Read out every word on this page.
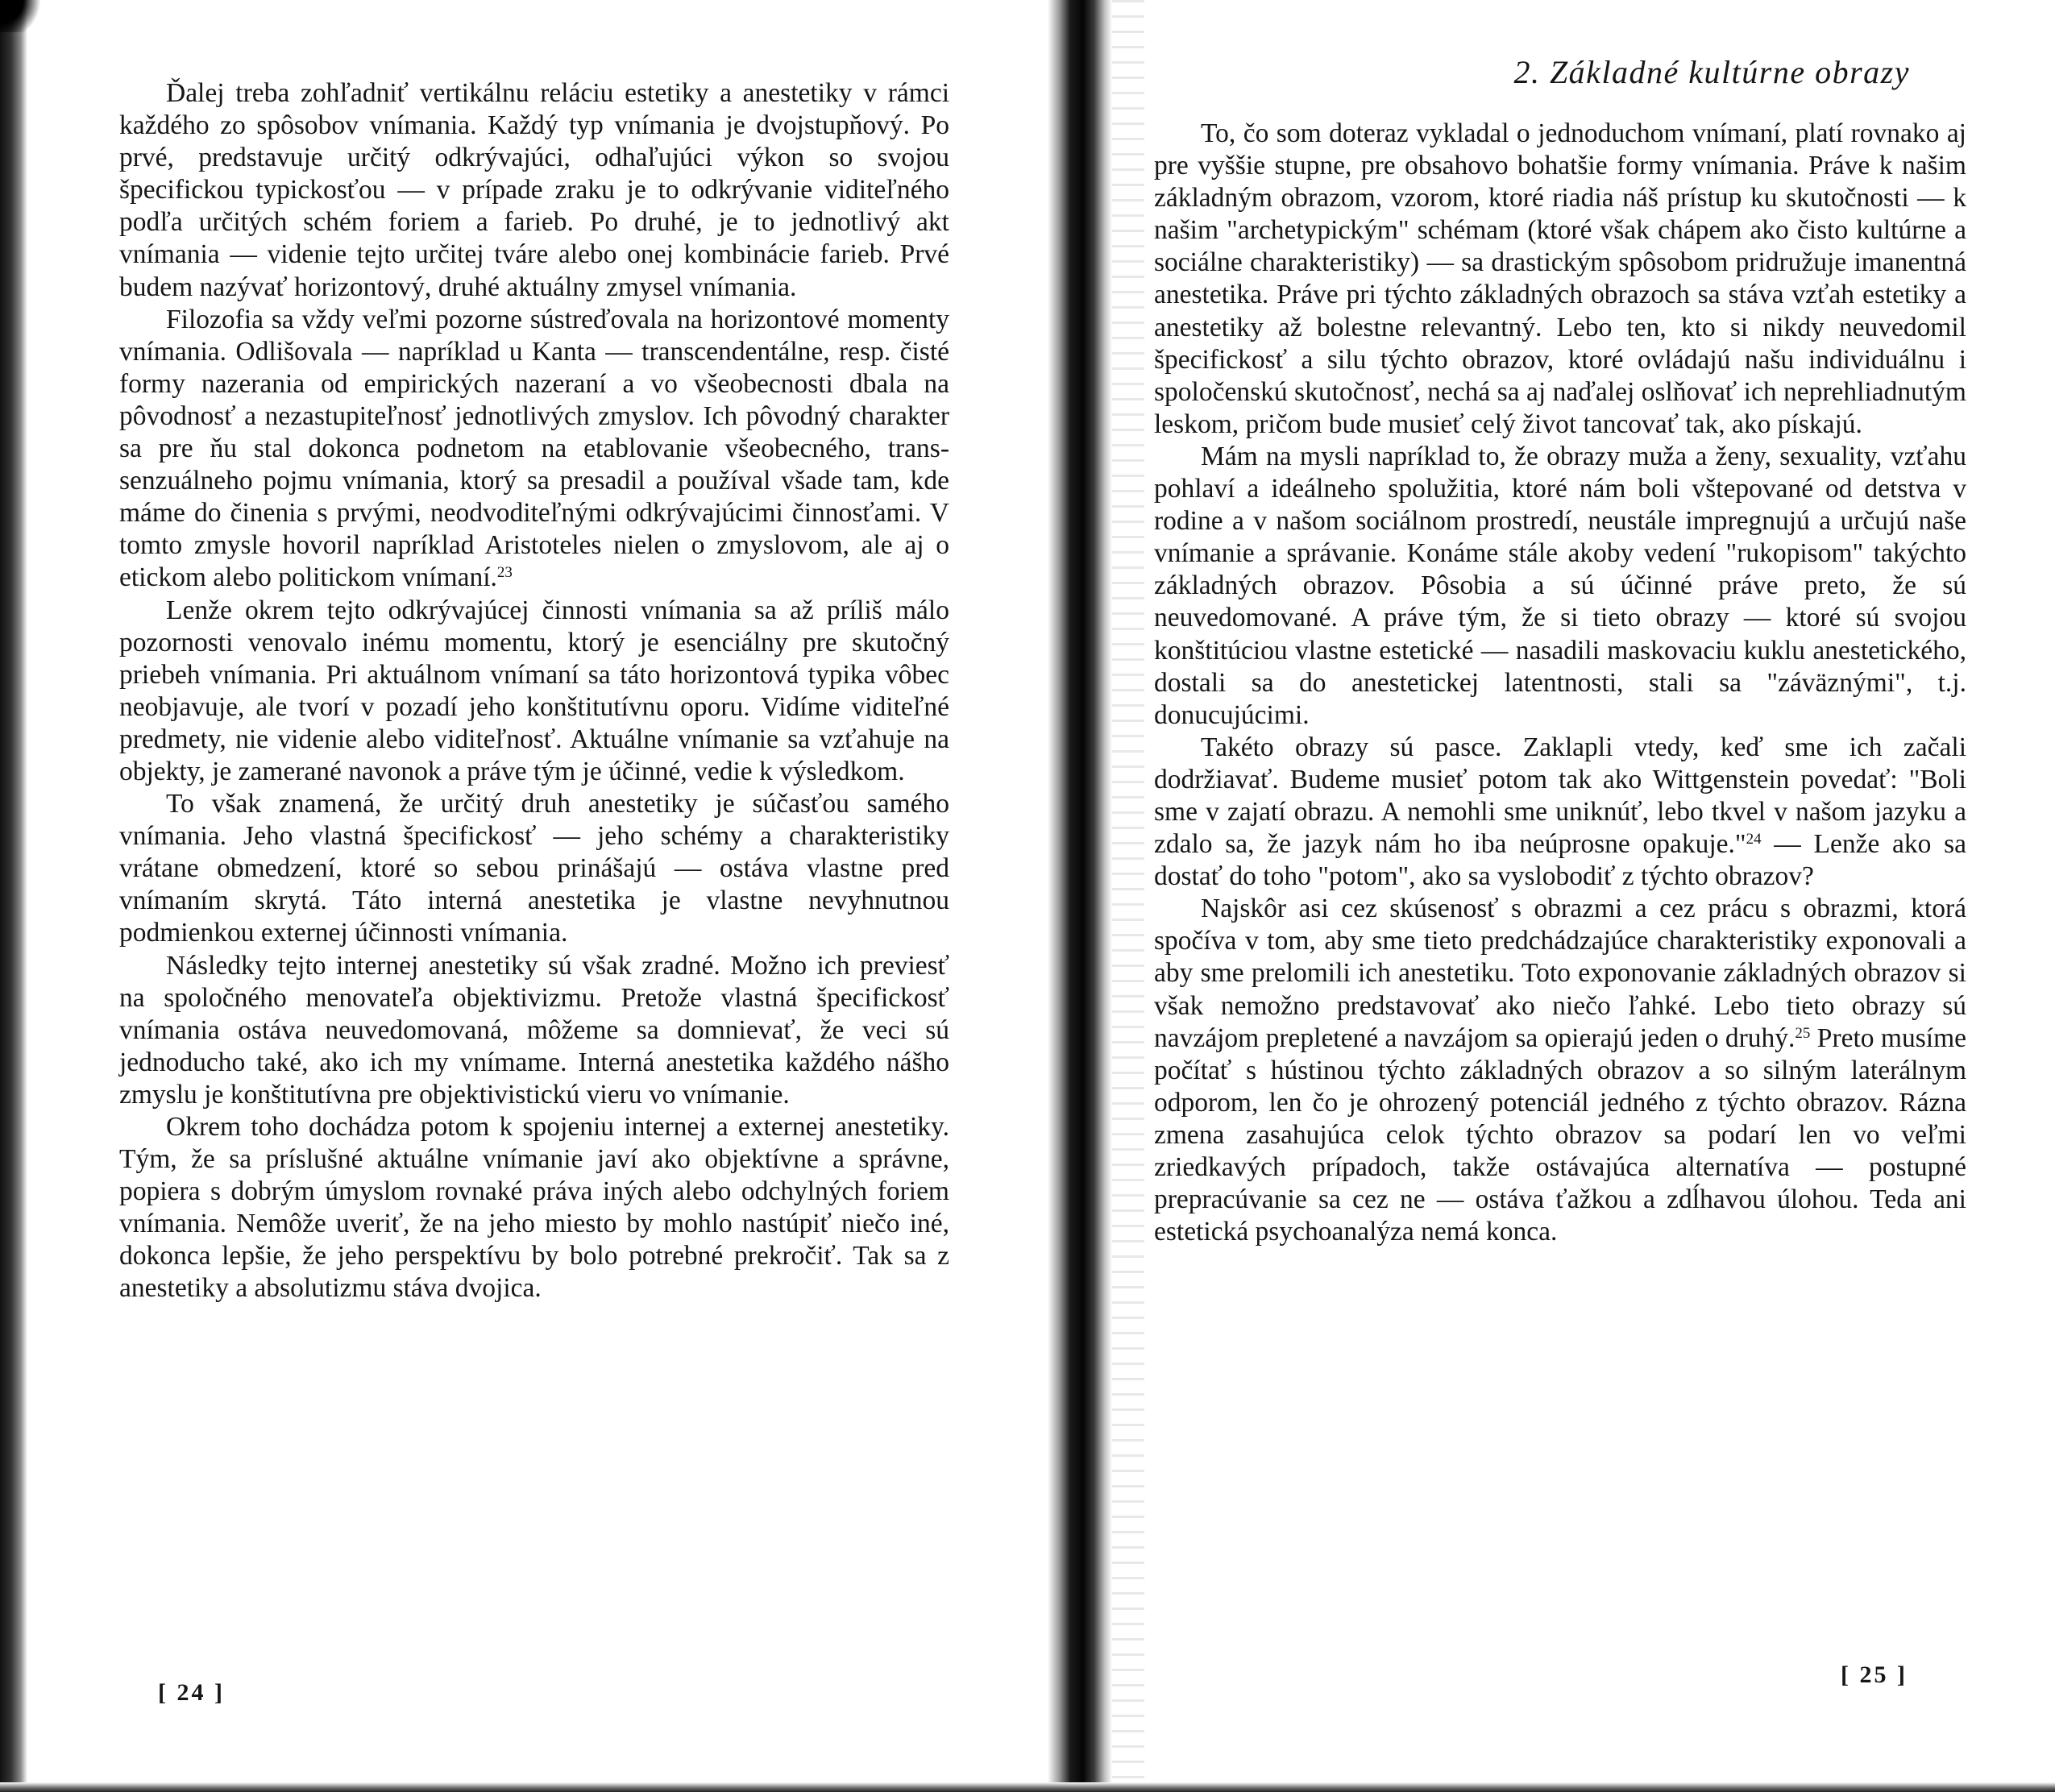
Ďalej treba zohľadniť vertikálnu reláciu estetiky a anestetiky v rámci každého zo spôsobov vnímania. Každý typ vnímania je dvojstupňový. Po prvé, predstavuje určitý odkrývajúci, odhaľujúci výkon so svojou špecifickou typickosťou — v prípade zraku je to odkrývanie viditeľného podľa určitých schém foriem a farieb. Po druhé, je to jednotlivý akt vnímania — videnie tejto určitej tváre alebo onej kombinácie farieb. Prvé budem nazývať horizontový, druhé aktuálny zmysel vnímania.

Filozofia sa vždy veľmi pozorne sústreďovala na horizontové momenty vnímania. Odlišovala — napríklad u Kanta — transcendentálne, resp. čisté formy nazerania od empirických nazeraní a vo všeobecnosti dbala na pôvodnosť a nezastupiteľnosť jednotlivých zmyslov. Ich pôvodný charakter sa pre ňu stal dokonca podnetom na etablovanie všeobecného, trans-senzuálneho pojmu vnímania, ktorý sa presadil a používal všade tam, kde máme do činenia s prvými, neodvoditeľnými odkrývajúcimi činnosťami. V tomto zmysle hovoril napríklad Aristoteles nielen o zmyslovom, ale aj o etickom alebo politickom vnímaní.$^{23}$

Lenže okrem tejto odkrývajúcej činnosti vnímania sa až príliš málo pozornosti venovalo inému momentu, ktorý je esenciálny pre skutočný priebeh vnímania. Pri aktuálnom vnímaní sa táto horizontová typika vôbec neobjavuje, ale tvorí v pozadí jeho konštitutívnu oporu. Vidíme viditeľné predmety, nie videnie alebo viditeľnosť. Aktuálne vnímanie sa vzťahuje na objekty, je zamerané navonok a práve tým je účinné, vedie k výsledkom.

To však znamená, že určitý druh anestetiky je súčasťou samého vnímania. Jeho vlastná špecifickosť — jeho schémy a charakteristiky vrátane obmedzení, ktoré so sebou prinášajú — ostáva vlastne pred vnímaním skrytá. Táto interná anestetika je vlastne nevyhnutnou podmienkou externej účinnosti vnímania.

Následky tejto internej anestetiky sú však zradné. Možno ich previesť na spoločného menovateľa objektivizmu. Pretože vlastná špecifickosť vnímania ostáva neuvedomovaná, môžeme sa domnievať, že veci sú jednoducho také, ako ich my vnímame. Interná anestetika každého nášho zmyslu je konštitutívna pre objektivistickú vieru vo vnímanie.

Okrem toho dochádza potom k spojeniu internej a externej anestetiky. Tým, že sa príslušné aktuálne vnímanie javí ako objektívne a správne, popiera s dobrým úmyslom rovnaké práva iných alebo odchylných foriem vnímania. Nemôže uveriť, že na jeho miesto by mohlo nastúpiť niečo iné, dokonca lepšie, že jeho perspektívu by bolo potrebné prekročiť. Tak sa z anestetiky a absolutizmu stáva dvojica.

[ 24 ]
2. Základné kultúrne obrazy

To, čo som doteraz vykladal o jednoduchom vnímaní, platí rovnako aj pre vyššie stupne, pre obsahovo bohatšie formy vnímania. Práve k našim základným obrazom, vzorom, ktoré riadia náš prístup ku skutočnosti — k našim "archetypickým" schémam (ktoré však chápem ako čisto kultúrne a sociálne charakteristiky) — sa drastickým spôsobom pridružuje imanentná anestetika. Práve pri týchto základných obrazoch sa stáva vzťah estetiky a anestetiky až bolestne relevantný. Lebo ten, kto si nikdy neuvedomil špecifickosť a silu týchto obrazov, ktoré ovládajú našu individuálnu i spoločenskú skutočnosť, nechá sa aj naďalej oslňovať ich neprehliadnutým leskom, pričom bude musieť celý život tancovať tak, ako pískajú.

Mám na mysli napríklad to, že obrazy muža a ženy, sexuality, vzťahu pohlaví a ideálneho spolužitia, ktoré nám boli vštepované od detstva v rodine a v našom sociálnom prostredí, neustále impregnujú a určujú naše vnímanie a správanie. Konáme stále akoby vedení "rukopisom" takýchto základných obrazov. Pôsobia a sú účinné práve preto, že sú neuvedomované. A práve tým, že si tieto obrazy — ktoré sú svojou konštitúciou vlastne estetické — nasadili maskovaciu kuklu anestetického, dostali sa do anestetickej latentnosti, stali sa "záväznými", t.j. donucujúcimi.

Takéto obrazy sú pasce. Zaklapli vtedy, keď sme ich začali dodržiavať. Budeme musieť potom tak ako Wittgenstein povedať: "Boli sme v zajatí obrazu. A nemohli sme uniknúť, lebo tkvel v našom jazyku a zdalo sa, že jazyk nám ho iba neúprosne opakuje."$^{24}$ — Lenže ako sa dostať do toho "potom", ako sa vyslobodiť z týchto obrazov?

Najskôr asi cez skúsenosť s obrazmi a cez prácu s obrazmi, ktorá spočíva v tom, aby sme tieto predchádzajúce charakteristiky exponovali a aby sme prelomili ich anestetiku. Toto exponovanie základných obrazov si však nemožno predstavovať ako niečo ľahké. Lebo tieto obrazy sú navzájom prepletené a navzájom sa opierajú jeden o druhý.$^{25}$ Preto musíme počítať s hústinou týchto základných obrazov a so silným laterálnym odporom, len čo je ohrozený potenciál jedného z týchto obrazov. Rázna zmena zasahujúca celok týchto obrazov sa podarí len vo veľmi zriedkavých prípadoch, takže ostávajúca alternatíva — postupné prepracúvanie sa cez ne — ostáva ťažkou a zdĺhavou úlohou. Teda ani estetická psychoanalýza nemá konca.

[ 25 ]
